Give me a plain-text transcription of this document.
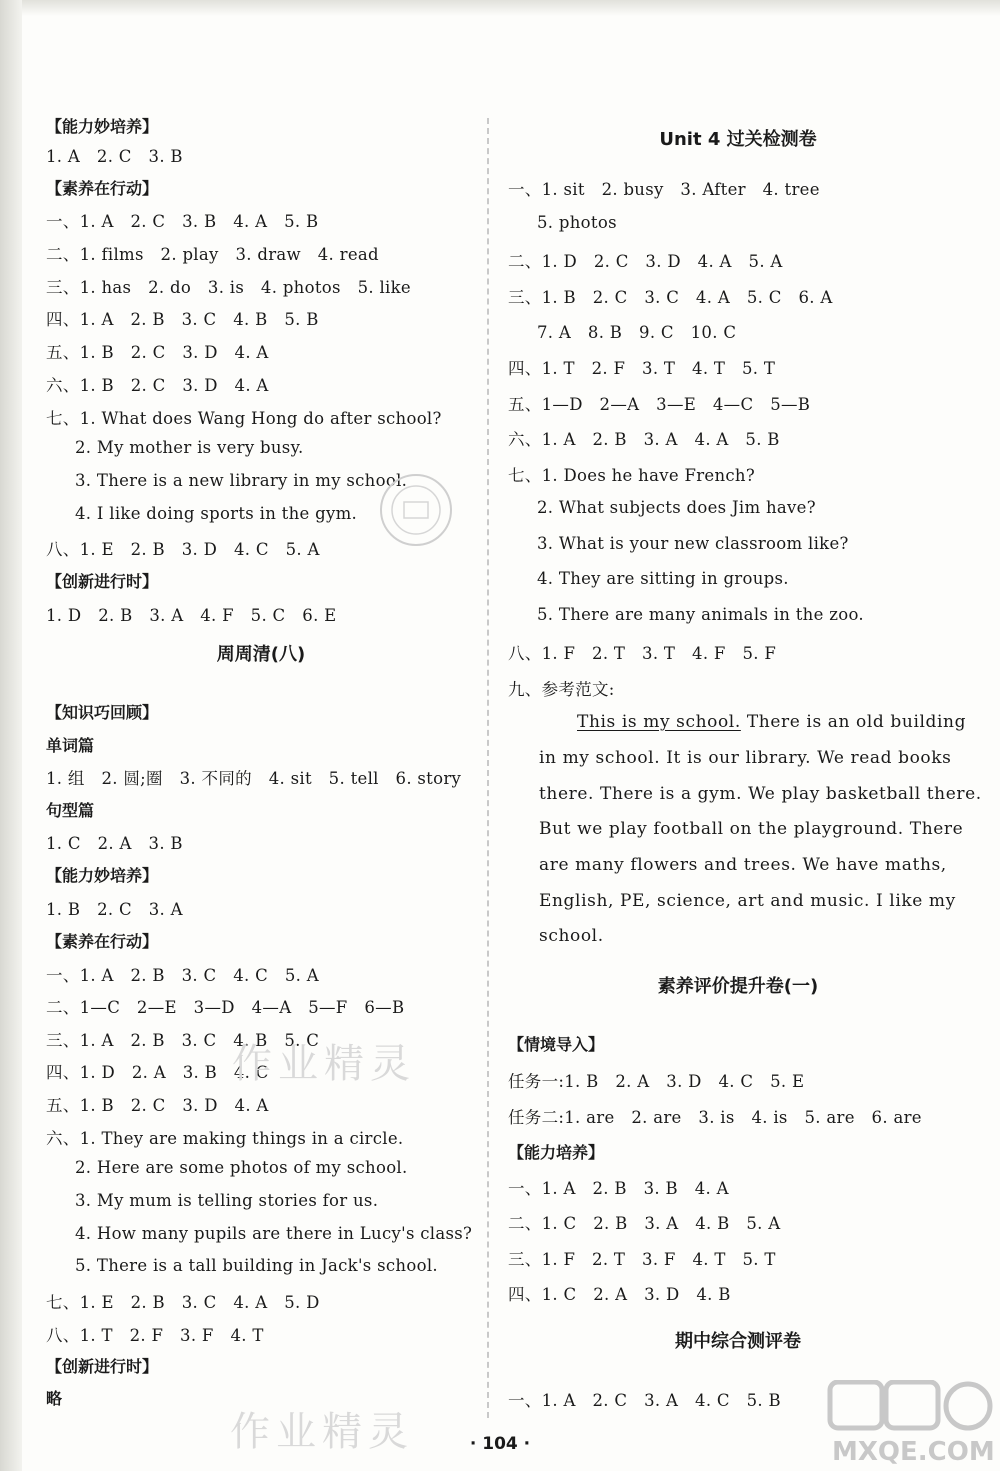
【能力妙培养】
1. A　2. C　3. B
【素养在行动】
一、1. A　2. C　3. B　4. A　5. B
二、1. films　2. play　3. draw　4. read
三、1. has　2. do　3. is　4. photos　5. like
四、1. A　2. B　3. C　4. B　5. B
五、1. B　2. C　3. D　4. A
六、1. B　2. C　3. D　4. A
七、1. What does Wang Hong do after school?
2. My mother is very busy.
3. There is a new library in my school.
4. I like doing sports in the gym.
八、1. E　2. B　3. D　4. C　5. A
【创新进行时】
1. D　2. B　3. A　4. F　5. C　6. E
周周清(八)
【知识巧回顾】
单词篇
1. 组　2. 圆;圈　3. 不同的　4. sit　5. tell　6. story
句型篇
1. C　2. A　3. B
【能力妙培养】
1. B　2. C　3. A
【素养在行动】
一、1. A　2. B　3. C　4. C　5. A
二、1—C　2—E　3—D　4—A　5—F　6—B
三、1. A　2. B　3. C　4. B　5. C
四、1. D　2. A　3. B　4. C
五、1. B　2. C　3. D　4. A
六、1. They are making things in a circle.
2. Here are some photos of my school.
3. My mum is telling stories for us.
4. How many pupils are there in Lucy's class?
5. There is a tall building in Jack's school.
七、1. E　2. B　3. C　4. A　5. D
八、1. T　2. F　3. F　4. T
【创新进行时】
略
Unit 4 过关检测卷
一、1. sit　2. busy　3. After　4. tree
5. photos
二、1. D　2. C　3. D　4. A　5. A
三、1. B　2. C　3. C　4. A　5. C　6. A
7. A　8. B　9. C　10. C
四、1. T　2. F　3. T　4. T　5. T
五、1—D　2—A　3—E　4—C　5—B
六、1. A　2. B　3. A　4. A　5. B
七、1. Does he have French?
2. What subjects does Jim have?
3. What is your new classroom like?
4. They are sitting in groups.
5. There are many animals in the zoo.
八、1. F　2. T　3. T　4. F　5. F
九、参考范文:
This is my school. There is an old building
in my school. It is our library. We read books
there. There is a gym. We play basketball there.
But we play football on the playground. There
are many flowers and trees. We have maths,
English, PE, science, art and music. I like my
school.
素养评价提升卷(一)
【情境导入】
任务一:1. B　2. A　3. D　4. C　5. E
任务二:1. are　2. are　3. is　4. is　5. are　6. are
【能力培养】
一、1. A　2. B　3. B　4. A
二、1. C　2. B　3. A　4. B　5. A
三、1. F　2. T　3. F　4. T　5. T
四、1. C　2. A　3. D　4. B
期中综合测评卷
一、1. A　2. C　3. A　4. C　5. B
作业精灵
作业精灵	MXQE.COM
· 104 ·
